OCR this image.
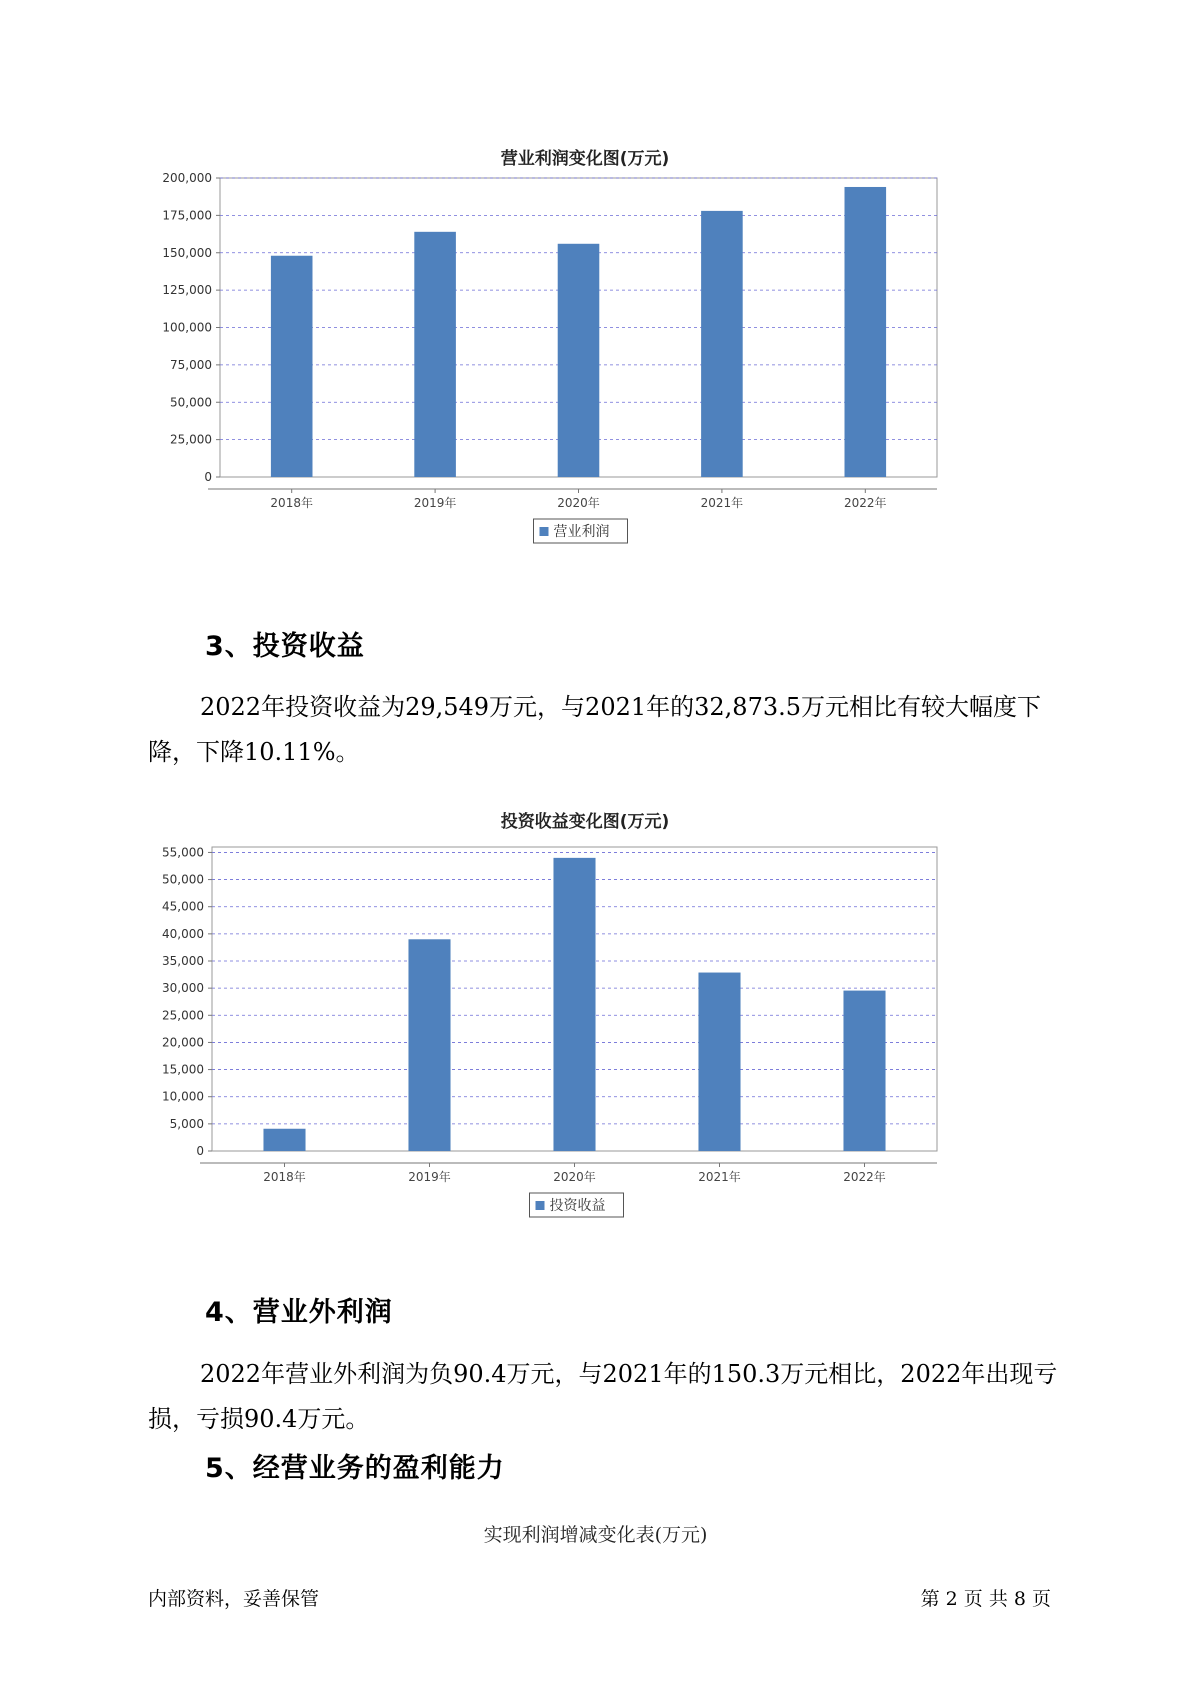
营业利润变化图(万元)
0
25,000
50,000
75,000
100,000
125,000
150,000
175,000
200,000
2018年	2019年	2020年	2021年	2022年
营业利润
3、投资收益

2022年投资收益为29,549万元，与2021年的32,873.5万元相比有较大幅度下降，下降10.11%。

投资收益变化图(万元)
0
5,000
10,000
15,000
20,000
25,000
30,000
35,000
40,000
45,000
50,000
55,000
2018年	2019年	2020年	2021年	2022年
投资收益
4、营业外利润

2022年营业外利润为负90.4万元，与2021年的150.3万元相比，2022年出现亏损，亏损90.4万元。

5、经营业务的盈利能力
实现利润增减变化表(万元)
内部资料，妥善保管	第 2 页 共 8 页
